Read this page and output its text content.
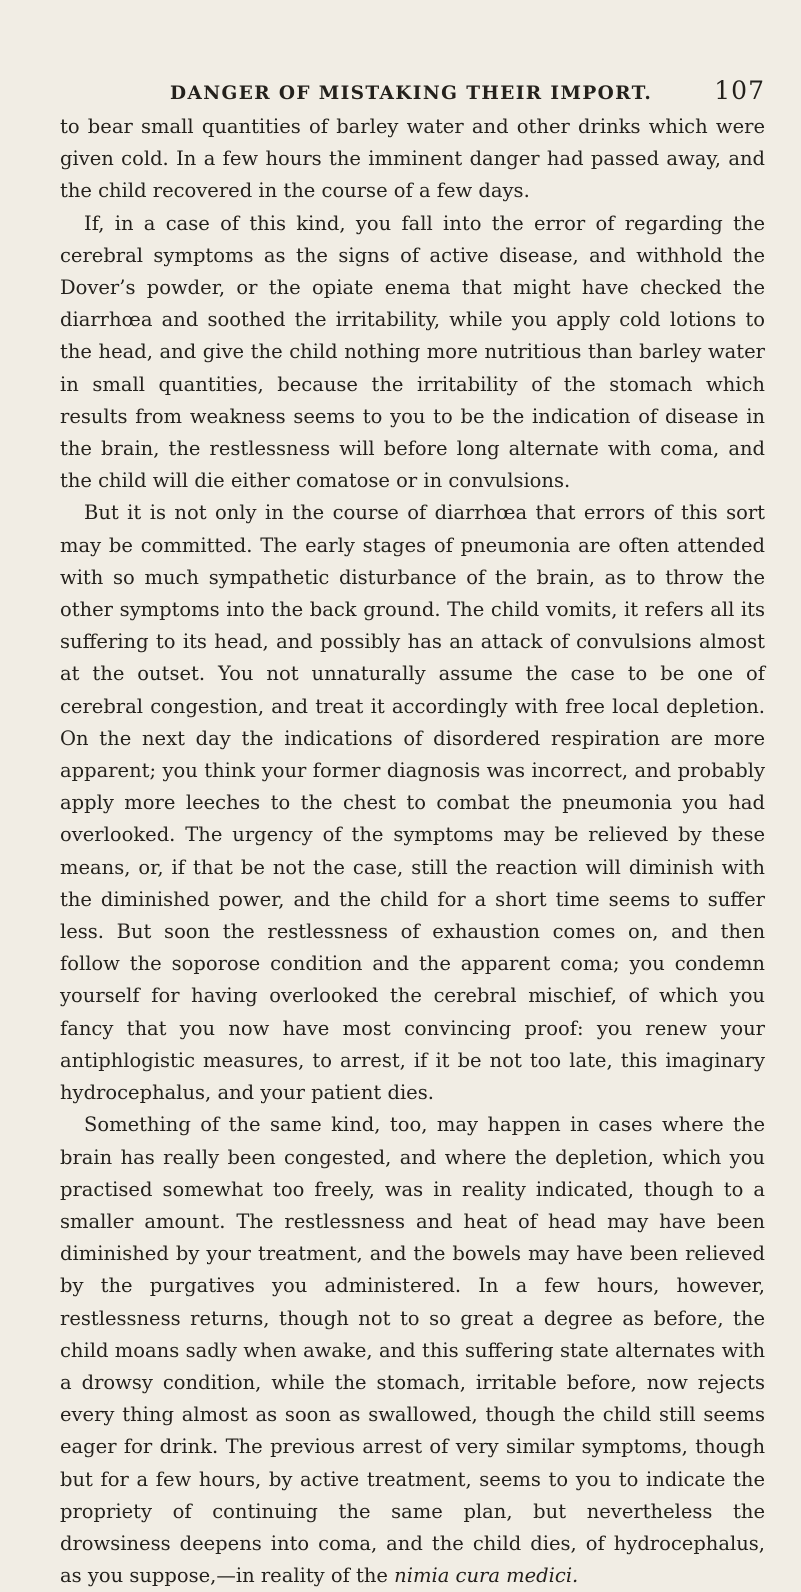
DANGER OF MISTAKING THEIR IMPORT. 107

to bear small quantities of barley water and other drinks which were given cold. In a few hours the imminent danger had passed away, and the child recovered in the course of a few days.

If, in a case of this kind, you fall into the error of regarding the cerebral symptoms as the signs of active disease, and withhold the Dover’s powder, or the opiate enema that might have checked the diarrhœa and soothed the irritability, while you apply cold lotions to the head, and give the child nothing more nutritious than barley water in small quantities, because the irritability of the stomach which results from weakness seems to you to be the indication of disease in the brain, the restlessness will before long alternate with coma, and the child will die either comatose or in convulsions.

But it is not only in the course of diarrhœa that errors of this sort may be committed. The early stages of pneumonia are often attended with so much sympathetic disturbance of the brain, as to throw the other symptoms into the back ground. The child vomits, it refers all its suffering to its head, and possibly has an attack of convulsions almost at the outset. You not unnaturally assume the case to be one of cerebral congestion, and treat it accordingly with free local depletion. On the next day the indications of disordered respiration are more apparent; you think your former diagnosis was incorrect, and probably apply more leeches to the chest to combat the pneumonia you had overlooked. The urgency of the symptoms may be relieved by these means, or, if that be not the case, still the reaction will diminish with the diminished power, and the child for a short time seems to suffer less. But soon the restlessness of exhaustion comes on, and then follow the soporose condition and the apparent coma; you condemn yourself for having overlooked the cerebral mischief, of which you fancy that you now have most convincing proof: you renew your antiphlogistic measures, to arrest, if it be not too late, this imaginary hydrocephalus, and your patient dies.

Something of the same kind, too, may happen in cases where the brain has really been congested, and where the depletion, which you practised somewhat too freely, was in reality indicated, though to a smaller amount. The restlessness and heat of head may have been diminished by your treatment, and the bowels may have been relieved by the purgatives you administered. In a few hours, however, restlessness returns, though not to so great a degree as before, the child moans sadly when awake, and this suffering state alternates with a drowsy condition, while the stomach, irritable before, now rejects every thing almost as soon as swallowed, though the child still seems eager for drink. The previous arrest of very similar symptoms, though but for a few hours, by active treatment, seems to you to indicate the propriety of continuing the same plan, but nevertheless the drowsiness deepens into coma, and the child dies, of hydrocephalus, as you suppose,—in reality of the nimia cura medici.
